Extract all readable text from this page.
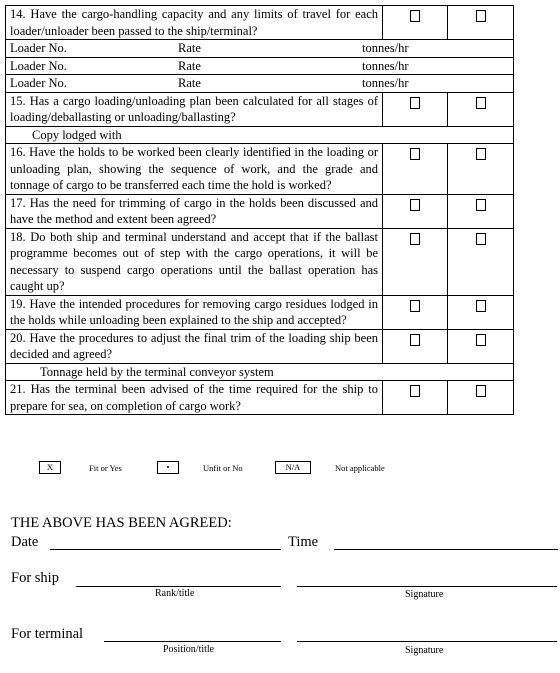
14. Have the cargo-handling capacity and any limits of travel for each loader/unloader been passed to the ship/terminal?		

Loader No. Rate tonnes/hr		

Loader No. Rate tonnes/hr		

Loader No. Rate tonnes/hr		

15. Has a cargo loading/unloading plan been calculated for all stages of loading/deballasting or unloading/ballasting?		
Copy lodged with		
16. Have the holds to be worked been clearly identified in the loading or unloading plan, showing the sequence of work, and the grade and tonnage of cargo to be transferred each time the hold is worked?		
17. Has the need for trimming of cargo in the holds been discussed and have the method and extent been agreed?		
18. Do both ship and terminal understand and accept that if the ballast programme becomes out of step with the cargo operations, it will be necessary to suspend cargo operations until the ballast operation has caught up?		
19. Have the intended procedures for removing cargo residues lodged in the holds while unloading been explained to the ship and accepted?		
20. Have the procedures to adjust the final trim of the loading ship been decided and agreed?		
Tonnage held by the terminal conveyor system		
21. Has the terminal been advised of the time required for the ship to prepare for sea, on completion of cargo work?		
X	Fit or Yes	•	Unfit or No	N/A	Not applicable
THE ABOVE HAS BEEN AGREED:
Date	Time
For ship
Rank/title	Signature
For terminal
Position/title	Signature
